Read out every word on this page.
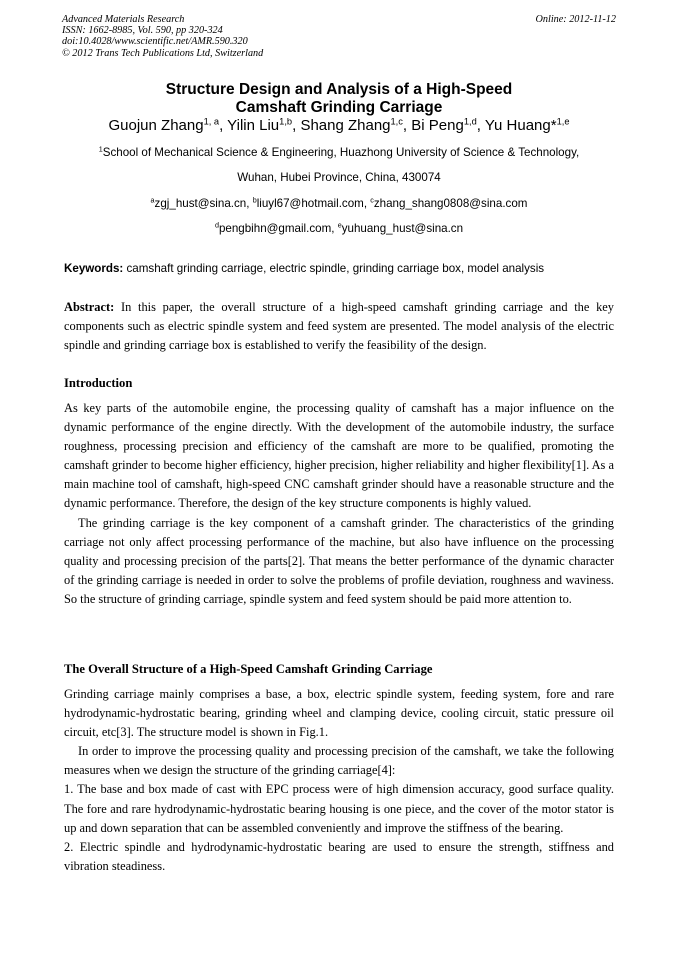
Advanced Materials Research
ISSN: 1662-8985, Vol. 590, pp 320-324
doi:10.4028/www.scientific.net/AMR.590.320
© 2012 Trans Tech Publications Ltd, Switzerland
Online: 2012-11-12
Structure Design and Analysis of a High-Speed
Camshaft Grinding Carriage
Guojun Zhang$^{1, a}$, Yilin Liu$^{1,b}$, Shang Zhang$^{1,c}$, Bi Peng$^{1,d}$, Yu Huang*$^{1,e}$
$^1$School of Mechanical Science & Engineering, Huazhong University of Science & Technology,
Wuhan, Hubei Province, China, 430074
$^a$zgj_hust@sina.cn, $^b$liuyl67@hotmail.com, $^c$zhang_shang0808@sina.com
$^d$pengbihn@gmail.com, $^e$yuhuang_hust@sina.cn
Keywords: camshaft grinding carriage, electric spindle, grinding carriage box, model analysis

Abstract: In this paper, the overall structure of a high-speed camshaft grinding carriage and the key components such as electric spindle system and feed system are presented. The model analysis of the electric spindle and grinding carriage box is established to verify the feasibility of the design.

Introduction

As key parts of the automobile engine, the processing quality of camshaft has a major influence on the dynamic performance of the engine directly. With the development of the automobile industry, the surface roughness, processing precision and efficiency of the camshaft are more to be qualified, promoting the camshaft grinder to become higher efficiency, higher precision, higher reliability and higher flexibility[1]. As a main machine tool of camshaft, high-speed CNC camshaft grinder should have a reasonable structure and the dynamic performance. Therefore, the design of the key structure components is highly valued.

The grinding carriage is the key component of a camshaft grinder. The characteristics of the grinding carriage not only affect processing performance of the machine, but also have influence on the processing quality and processing precision of the parts[2]. That means the better performance of the dynamic character of the grinding carriage is needed in order to solve the problems of profile deviation, roughness and waviness. So the structure of grinding carriage, spindle system and feed system should be paid more attention to.

The Overall Structure of a High-Speed Camshaft Grinding Carriage

Grinding carriage mainly comprises a base, a box, electric spindle system, feeding system, fore and rare hydrodynamic-hydrostatic bearing, grinding wheel and clamping device, cooling circuit, static pressure oil circuit, etc[3]. The structure model is shown in Fig.1.

In order to improve the processing quality and processing precision of the camshaft, we take the following measures when we design the structure of the grinding carriage[4]:

1. The base and box made of cast with EPC process were of high dimension accuracy, good surface quality. The fore and rare hydrodynamic-hydrostatic bearing housing is one piece, and the cover of the motor stator is up and down separation that can be assembled conveniently and improve the stiffness of the bearing.

2. Electric spindle and hydrodynamic-hydrostatic bearing are used to ensure the strength, stiffness and vibration steadiness.
